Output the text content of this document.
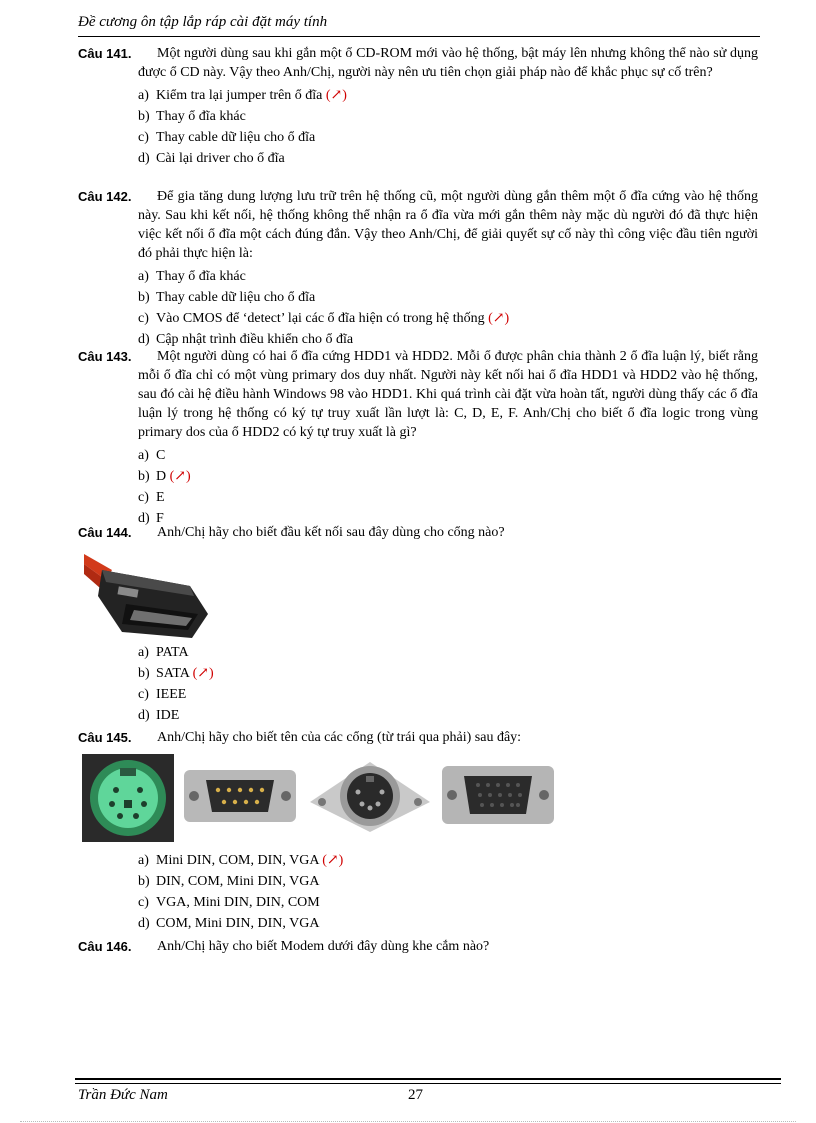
Đề cương ôn tập lắp ráp cài đặt máy tính
Câu 141.	Một người dùng sau khi gắn một ổ CD-ROM mới vào hệ thống, bật máy lên nhưng không thể nào sử dụng được ổ CD này. Vậy theo Anh/Chị, người này nên ưu tiên chọn giải pháp nào để khắc phục sự cố trên?
a) Kiểm tra lại jumper trên ổ đĩa (↗)
b) Thay ổ đĩa khác
c) Thay cable dữ liệu cho ổ đĩa
d) Cài lại driver cho ổ đĩa
Câu 142.	Để gia tăng dung lượng lưu trữ trên hệ thống cũ, một người dùng gắn thêm một ổ đĩa cứng vào hệ thống này. Sau khi kết nối, hệ thống không thể nhận ra ổ đĩa vừa mới gắn thêm này mặc dù người đó đã thực hiện việc kết nối ổ đĩa một cách đúng đắn. Vậy theo Anh/Chị, để giải quyết sự cố này thì công việc đầu tiên người đó phải thực hiện là:
a) Thay ổ đĩa khác
b) Thay cable dữ liệu cho ổ đĩa
c) Vào CMOS để ‘detect’ lại các ổ đĩa hiện có trong hệ thống (↗)
d) Cập nhật trình điều khiển cho ổ đĩa
Câu 143.	Một người dùng có hai ổ đĩa cứng HDD1 và HDD2. Mỗi ổ được phân chia thành 2 ổ đĩa luận lý, biết rằng mỗi ổ đĩa chỉ có một vùng primary dos duy nhất. Người này kết nối hai ổ đĩa HDD1 và HDD2 vào hệ thống, sau đó cài hệ điều hành Windows 98 vào HDD1. Khi quá trình cài đặt vừa hoàn tất, người dùng thấy các ổ đĩa luận lý trong hệ thống có ký tự truy xuất lần lượt là: C, D, E, F. Anh/Chị cho biết ổ đĩa logic trong vùng primary dos của ổ HDD2 có ký tự truy xuất là gì?
a) C
b) D (↗)
c) E
d) F
Câu 144.	Anh/Chị hãy cho biết đầu kết nối sau đây dùng cho cổng nào?
a) PATA
b) SATA (↗)
c) IEEE
d) IDE
Câu 145.	Anh/Chị hãy cho biết tên của các cổng (từ trái qua phải) sau đây:
a) Mini DIN, COM, DIN, VGA (↗)
b) DIN, COM, Mini DIN, VGA
c) VGA, Mini DIN, DIN, COM
d) COM, Mini DIN, DIN, VGA
Câu 146.	Anh/Chị hãy cho biết Modem dưới đây dùng khe cắm nào?
Trần Đức Nam	27
